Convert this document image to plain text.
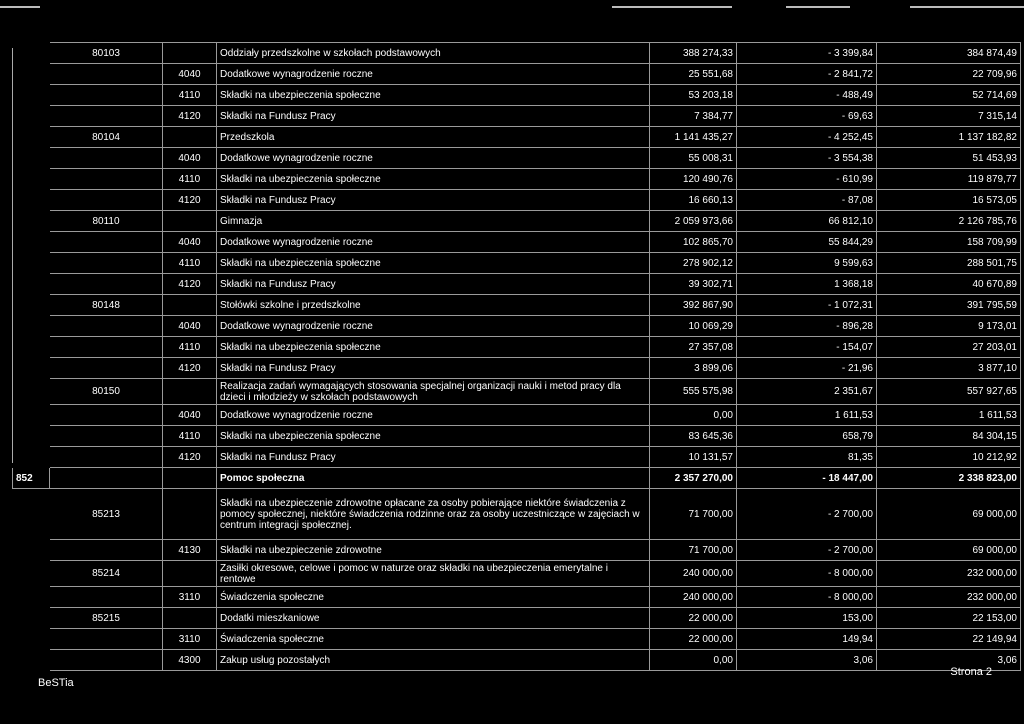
	80103		Oddziały przedszkolne w szkołach podstawowych	388 274,33	- 3 399,84	384 874,49
		4040	Dodatkowe wynagrodzenie roczne	25 551,68	- 2 841,72	22 709,96
		4110	Składki na ubezpieczenia społeczne	53 203,18	- 488,49	52 714,69
		4120	Składki na Fundusz Pracy	7 384,77	- 69,63	7 315,14
	80104		Przedszkola	1 141 435,27	- 4 252,45	1 137 182,82
		4040	Dodatkowe wynagrodzenie roczne	55 008,31	- 3 554,38	51 453,93
		4110	Składki na ubezpieczenia społeczne	120 490,76	- 610,99	119 879,77
		4120	Składki na Fundusz Pracy	16 660,13	- 87,08	16 573,05
	80110		Gimnazja	2 059 973,66	66 812,10	2 126 785,76
		4040	Dodatkowe wynagrodzenie roczne	102 865,70	55 844,29	158 709,99
		4110	Składki na ubezpieczenia społeczne	278 902,12	9 599,63	288 501,75
		4120	Składki na Fundusz Pracy	39 302,71	1 368,18	40 670,89
	80148		Stołówki szkolne i przedszkolne	392 867,90	- 1 072,31	391 795,59
		4040	Dodatkowe wynagrodzenie roczne	10 069,29	- 896,28	9 173,01
		4110	Składki na ubezpieczenia społeczne	27 357,08	- 154,07	27 203,01
		4120	Składki na Fundusz Pracy	3 899,06	- 21,96	3 877,10
	80150		Realizacja zadań wymagających stosowania specjalnej organizacji nauki i metod pracy dla dzieci i młodzieży w szkołach podstawowych	555 575,98	2 351,67	557 927,65
		4040	Dodatkowe wynagrodzenie roczne	0,00	1 611,53	1 611,53
		4110	Składki na ubezpieczenia społeczne	83 645,36	658,79	84 304,15
		4120	Składki na Fundusz Pracy	10 131,57	81,35	10 212,92
852			Pomoc społeczna	2 357 270,00	- 18 447,00	2 338 823,00
	85213		Składki na ubezpieczenie zdrowotne opłacane za osoby pobierające niektóre świadczenia z pomocy społecznej, niektóre świadczenia rodzinne oraz za osoby uczestniczące w zajęciach w centrum integracji społecznej.	71 700,00	- 2 700,00	69 000,00
		4130	Składki na ubezpieczenie zdrowotne	71 700,00	- 2 700,00	69 000,00
	85214		Zasiłki okresowe, celowe i pomoc w naturze oraz składki na ubezpieczenia emerytalne i rentowe	240 000,00	- 8 000,00	232 000,00
		3110	Świadczenia społeczne	240 000,00	- 8 000,00	232 000,00
	85215		Dodatki mieszkaniowe	22 000,00	153,00	22 153,00
		3110	Świadczenia społeczne	22 000,00	149,94	22 149,94
		4300	Zakup usług pozostałych	0,00	3,06	3,06
BeSTia
Strona 2
